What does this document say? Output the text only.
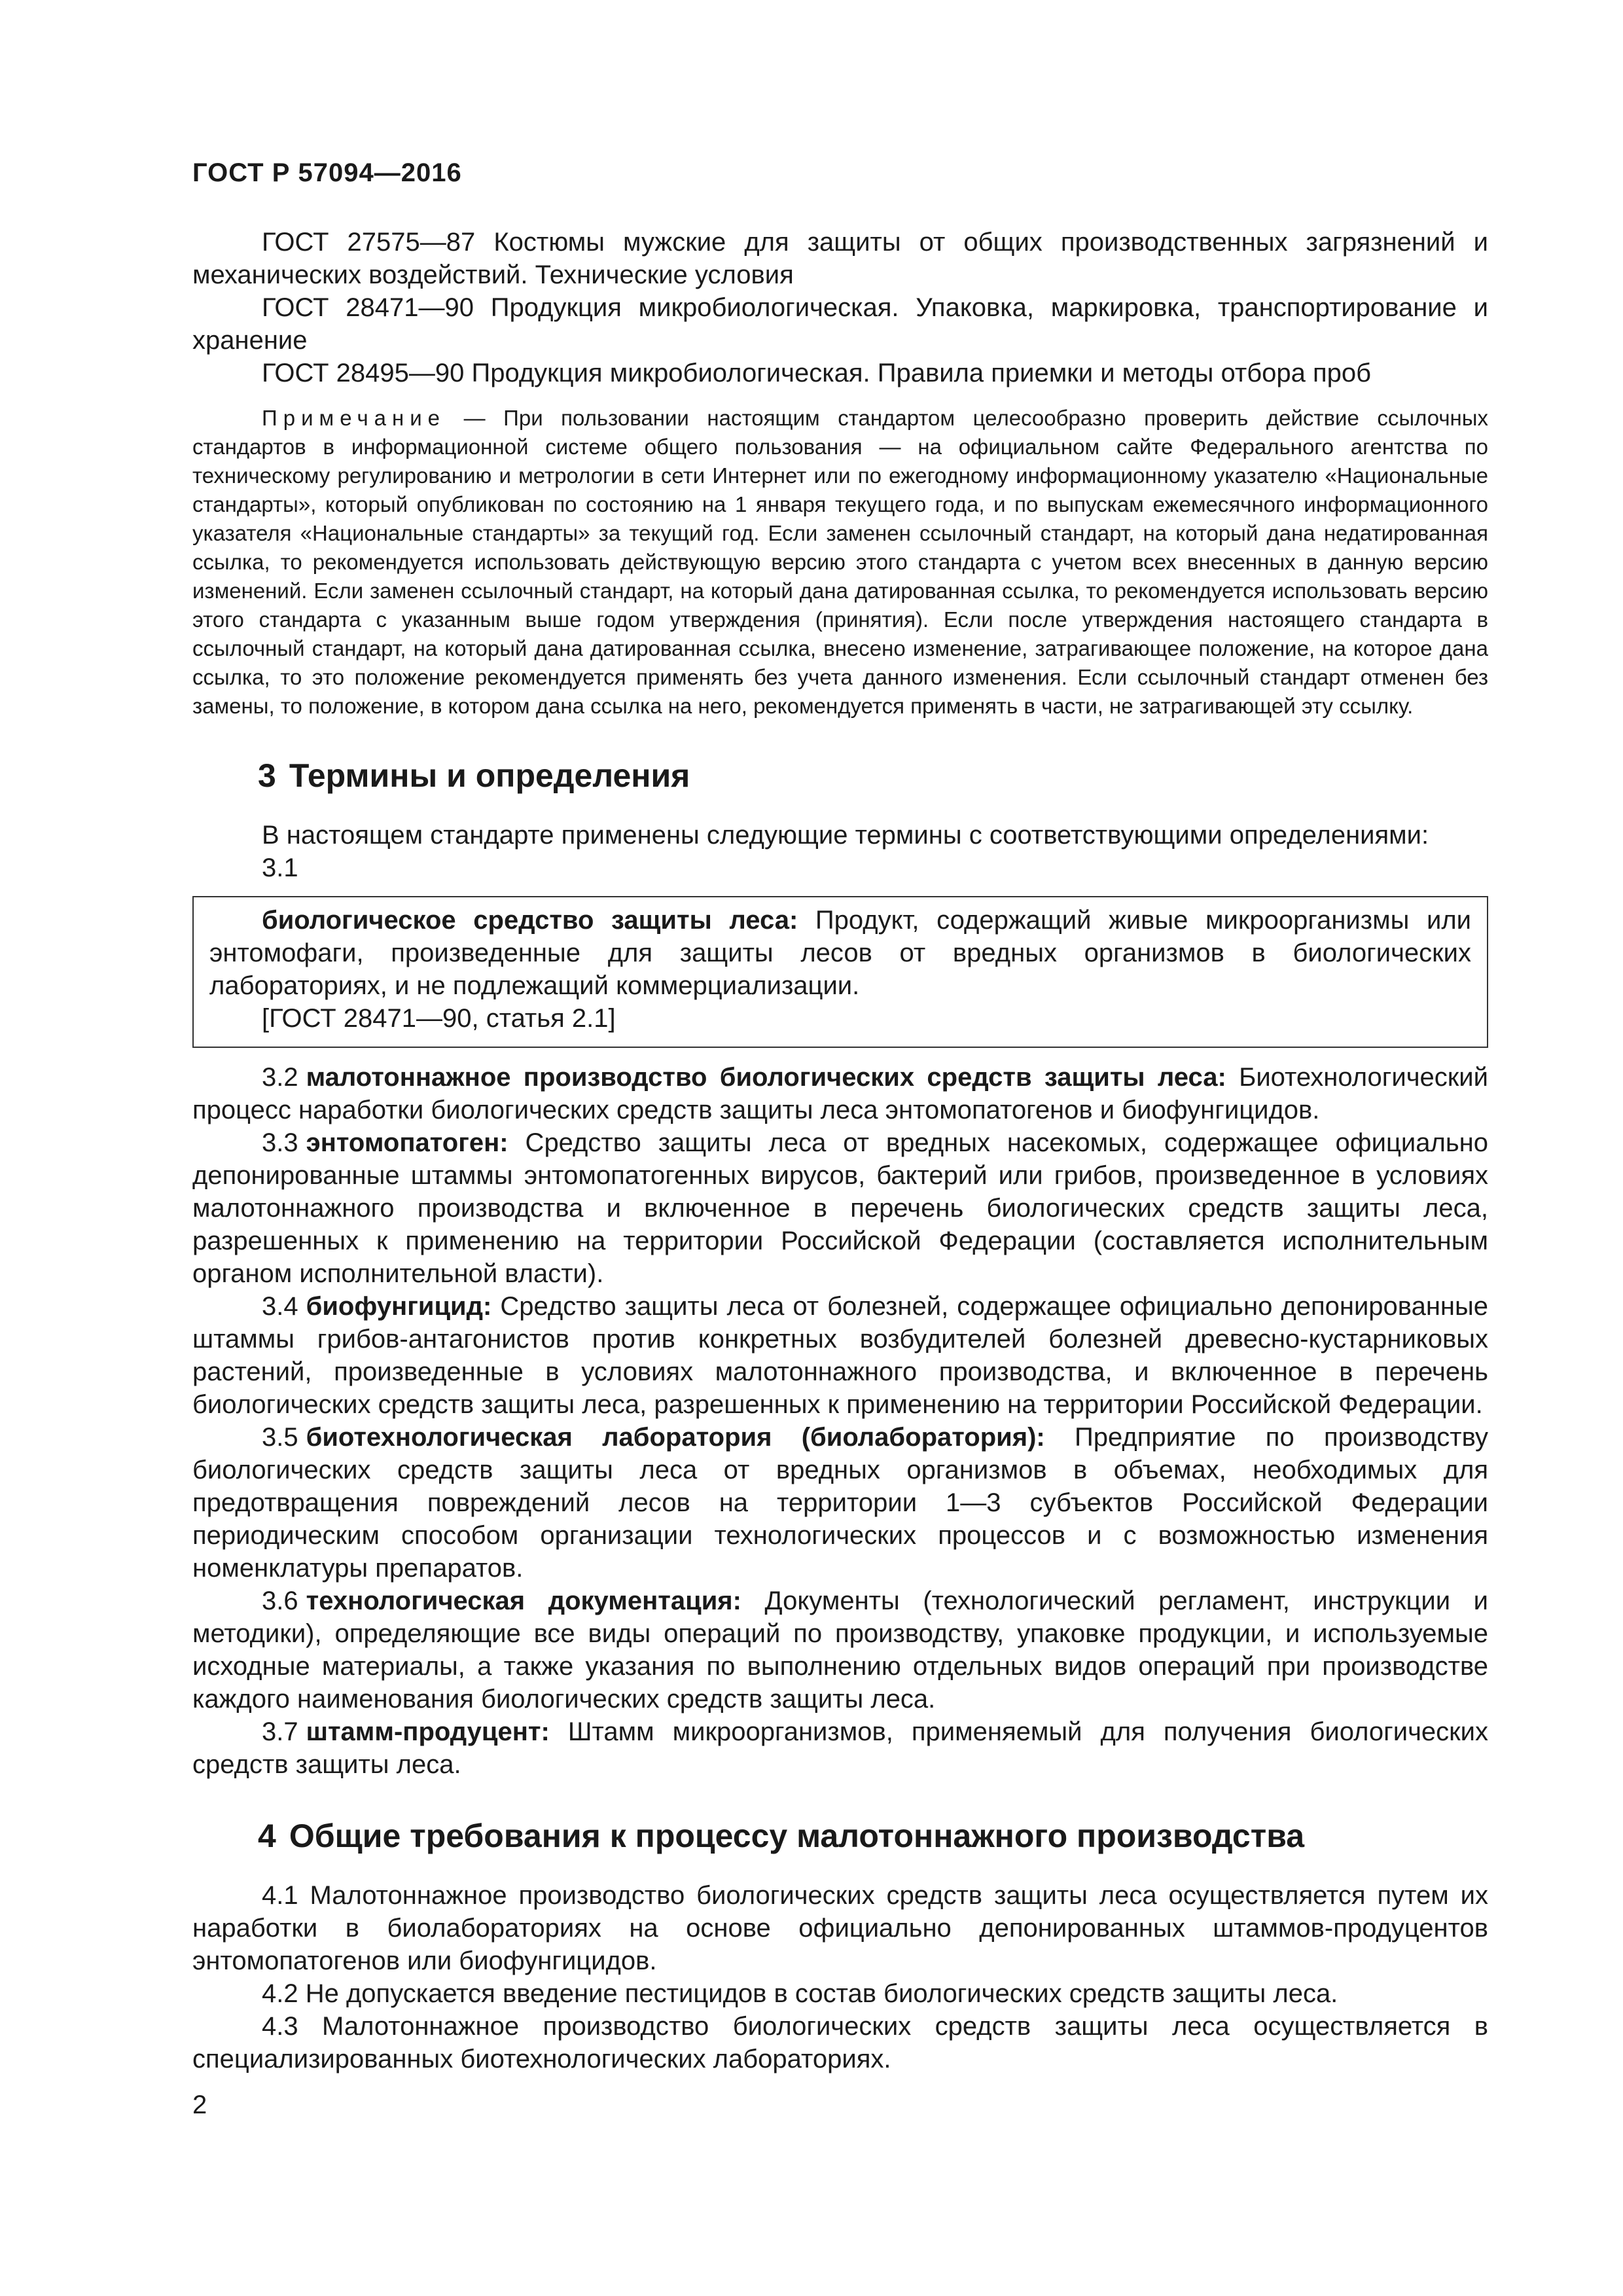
ГОСТ Р 57094—2016

ГОСТ 27575—87 Костюмы мужские для защиты от общих производственных загрязнений и механических воздействий. Технические условия

ГОСТ 28471—90 Продукция микробиологическая. Упаковка, маркировка, транспортирование и хранение

ГОСТ 28495—90 Продукция микробиологическая. Правила приемки и методы отбора проб

Примечание — При пользовании настоящим стандартом целесообразно проверить действие ссылочных стандартов в информационной системе общего пользования — на официальном сайте Федерального агентства по техническому регулированию и метрологии в сети Интернет или по ежегодному информационному указателю «Национальные стандарты», который опубликован по состоянию на 1 января текущего года, и по выпускам ежемесячного информационного указателя «Национальные стандарты» за текущий год. Если заменен ссылочный стандарт, на который дана недатированная ссылка, то рекомендуется использовать действующую версию этого стандарта с учетом всех внесенных в данную версию изменений. Если заменен ссылочный стандарт, на который дана датированная ссылка, то рекомендуется использовать версию этого стандарта с указанным выше годом утверждения (принятия). Если после утверждения настоящего стандарта в ссылочный стандарт, на который дана датированная ссылка, внесено изменение, затрагивающее положение, на которое дана ссылка, то это положение рекомендуется применять без учета данного изменения. Если ссылочный стандарт отменен без замены, то положение, в котором дана ссылка на него, рекомендуется применять в части, не затрагивающей эту ссылку.

3 Термины и определения

В настоящем стандарте применены следующие термины с соответствующими определениями:

3.1

биологическое средство защиты леса: Продукт, содержащий живые микроорганизмы или энтомофаги, произведенные для защиты лесов от вредных организмов в биологических лабораториях, и не подлежащий коммерциализации.

[ГОСТ 28471—90, статья 2.1]

3.2 малотоннажное производство биологических средств защиты леса: Биотехнологический процесс наработки биологических средств защиты леса энтомопатогенов и биофунгицидов.

3.3 энтомопатоген: Средство защиты леса от вредных насекомых, содержащее официально депонированные штаммы энтомопатогенных вирусов, бактерий или грибов, произведенное в условиях малотоннажного производства и включенное в перечень биологических средств защиты леса, разрешенных к применению на территории Российской Федерации (составляется исполнительным органом исполнительной власти).

3.4 биофунгицид: Средство защиты леса от болезней, содержащее официально депонированные штаммы грибов-антагонистов против конкретных возбудителей болезней древесно-кустарниковых растений, произведенные в условиях малотоннажного производства, и включенное в перечень биологических средств защиты леса, разрешенных к применению на территории Российской Федерации.

3.5 биотехнологическая лаборатория (биолаборатория): Предприятие по производству биологических средств защиты леса от вредных организмов в объемах, необходимых для предотвращения повреждений лесов на территории 1—3 субъектов Российской Федерации периодическим способом организации технологических процессов и с возможностью изменения номенклатуры препаратов.

3.6 технологическая документация: Документы (технологический регламент, инструкции и методики), определяющие все виды операций по производству, упаковке продукции, и используемые исходные материалы, а также указания по выполнению отдельных видов операций при производстве каждого наименования биологических средств защиты леса.

3.7 штамм-продуцент: Штамм микроорганизмов, применяемый для получения биологических средств защиты леса.

4 Общие требования к процессу малотоннажного производства

4.1 Малотоннажное производство биологических средств защиты леса осуществляется путем их наработки в биолабораториях на основе официально депонированных штаммов-продуцентов энтомопатогенов или биофунгицидов.

4.2 Не допускается введение пестицидов в состав биологических средств защиты леса.

4.3 Малотоннажное производство биологических средств защиты леса осуществляется в специализированных биотехнологических лабораториях.

2
